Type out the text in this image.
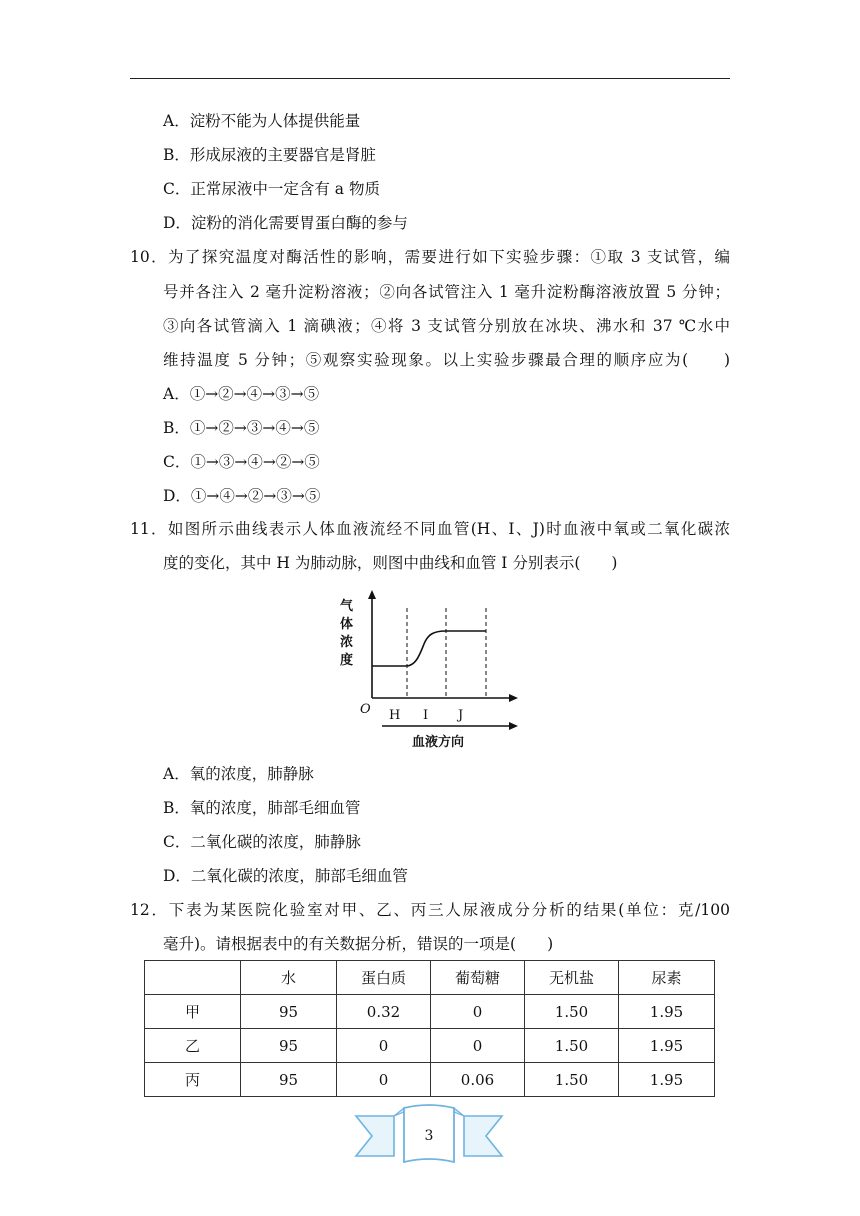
A．淀粉不能为人体提供能量
B．形成尿液的主要器官是肾脏
C．正常尿液中一定含有 a 物质
D．淀粉的消化需要胃蛋白酶的参与
10．为了探究温度对酶活性的影响，需要进行如下实验步骤：①取 3 支试管，编
号并各注入 2 毫升淀粉溶液；②向各试管注入 1 毫升淀粉酶溶液放置 5 分钟；
③向各试管滴入 1 滴碘液；④将 3 支试管分别放在冰块、沸水和 37 ℃水中
维持温度 5 分钟；⑤观察实验现象。以上实验步骤最合理的顺序应为(　　)
A．①→②→④→③→⑤
B．①→②→③→④→⑤
C．①→③→④→②→⑤
D．①→④→②→③→⑤
11．如图所示曲线表示人体血液流经不同血管(H、I、J)时血液中氧或二氧化碳浓
度的变化，其中 H 为肺动脉，则图中曲线和血管 I 分别表示(　　)
气
体
浓
度
O H I J
血液方向
A．氧的浓度，肺静脉
B．氧的浓度，肺部毛细血管
C．二氧化碳的浓度，肺静脉
D．二氧化碳的浓度，肺部毛细血管
12．下表为某医院化验室对甲、乙、丙三人尿液成分分析的结果(单位：克/100
毫升)。请根据表中的有关数据分析，错误的一项是(　　)
	水	蛋白质	葡萄糖	无机盐	尿素
甲	95	0.32	0	1.50	1.95
乙	95	0	0	1.50	1.95
丙	95	0	0.06	1.50	1.95
3
